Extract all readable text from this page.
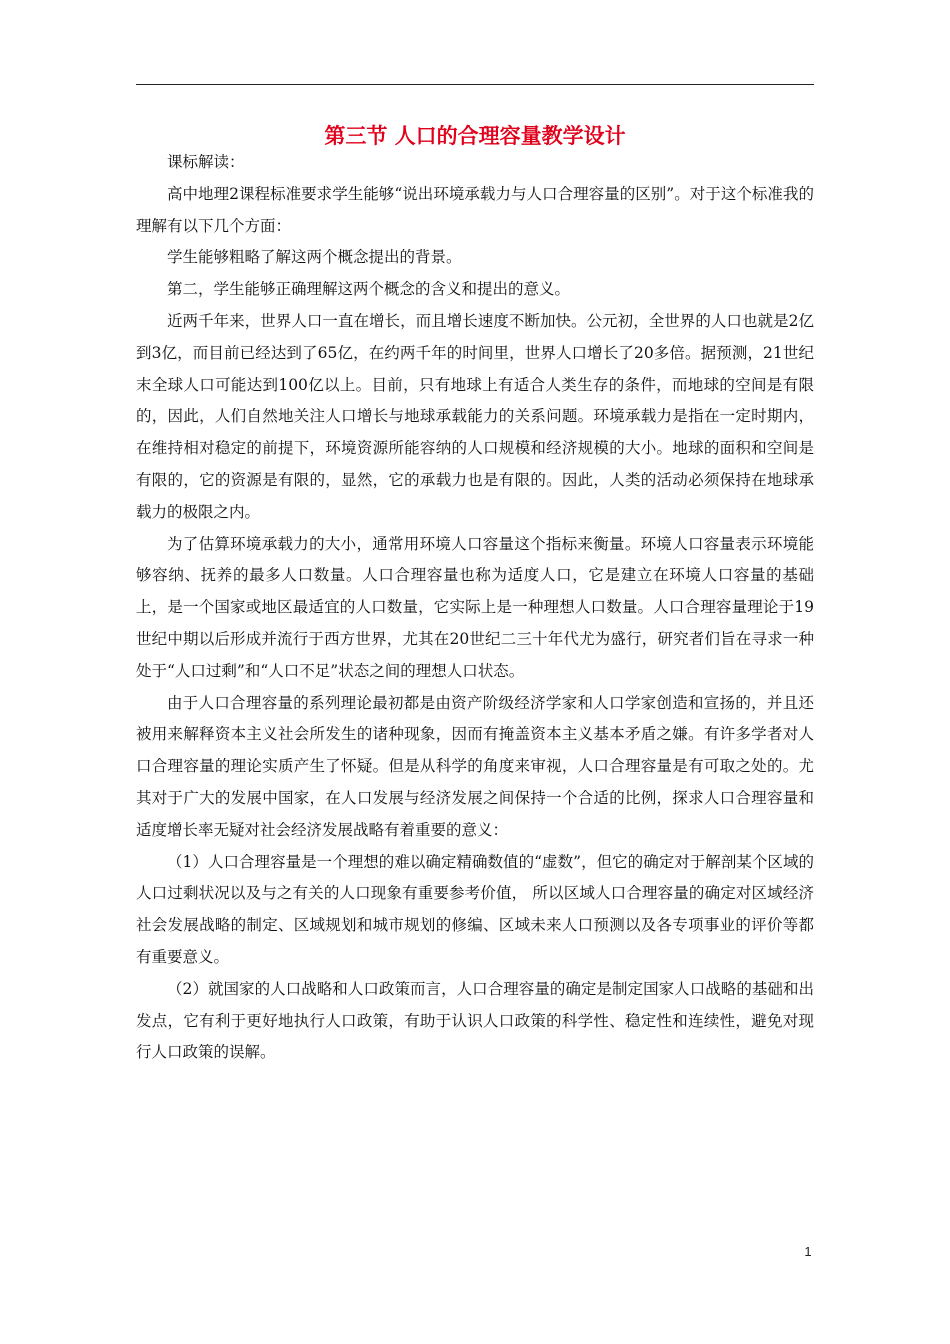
第三节 人口的合理容量教学设计

课标解读：

高中地理2课程标准要求学生能够“说出环境承载力与人口合理容量的区别”。对于这个标准我的理解有以下几个方面：

学生能够粗略了解这两个概念提出的背景。

第二，学生能够正确理解这两个概念的含义和提出的意义。

近两千年来，世界人口一直在增长，而且增长速度不断加快。公元初，全世界的人口也就是2亿到3亿，而目前已经达到了65亿，在约两千年的时间里，世界人口增长了20多倍。据预测，21世纪末全球人口可能达到100亿以上。目前，只有地球上有适合人类生存的条件，而地球的空间是有限的，因此，人们自然地关注人口增长与地球承载能力的关系问题。环境承载力是指在一定时期内，在维持相对稳定的前提下，环境资源所能容纳的人口规模和经济规模的大小。地球的面积和空间是有限的，它的资源是有限的，显然，它的承载力也是有限的。因此，人类的活动必须保持在地球承载力的极限之内。

为了估算环境承载力的大小，通常用环境人口容量这个指标来衡量。环境人口容量表示环境能够容纳、抚养的最多人口数量。人口合理容量也称为适度人口，它是建立在环境人口容量的基础上，是一个国家或地区最适宜的人口数量，它实际上是一种理想人口数量。人口合理容量理论于19世纪中期以后形成并流行于西方世界，尤其在20世纪二三十年代尤为盛行，研究者们旨在寻求一种处于“人口过剩”和“人口不足”状态之间的理想人口状态。

由于人口合理容量的系列理论最初都是由资产阶级经济学家和人口学家创造和宣扬的，并且还被用来解释资本主义社会所发生的诸种现象，因而有掩盖资本主义基本矛盾之嫌。有许多学者对人口合理容量的理论实质产生了怀疑。但是从科学的角度来审视，人口合理容量是有可取之处的。尤其对于广大的发展中国家，在人口发展与经济发展之间保持一个合适的比例，探求人口合理容量和适度增长率无疑对社会经济发展战略有着重要的意义：

（1）人口合理容量是一个理想的难以确定精确数值的“虚数”，但它的确定对于解剖某个区域的人口过剩状况以及与之有关的人口现象有重要参考价值， 所以区域人口合理容量的确定对区域经济社会发展战略的制定、区域规划和城市规划的修编、区域未来人口预测以及各专项事业的评价等都有重要意义。

（2）就国家的人口战略和人口政策而言，人口合理容量的确定是制定国家人口战略的基础和出发点，它有利于更好地执行人口政策，有助于认识人口政策的科学性、稳定性和连续性，避免对现行人口政策的误解。

1
